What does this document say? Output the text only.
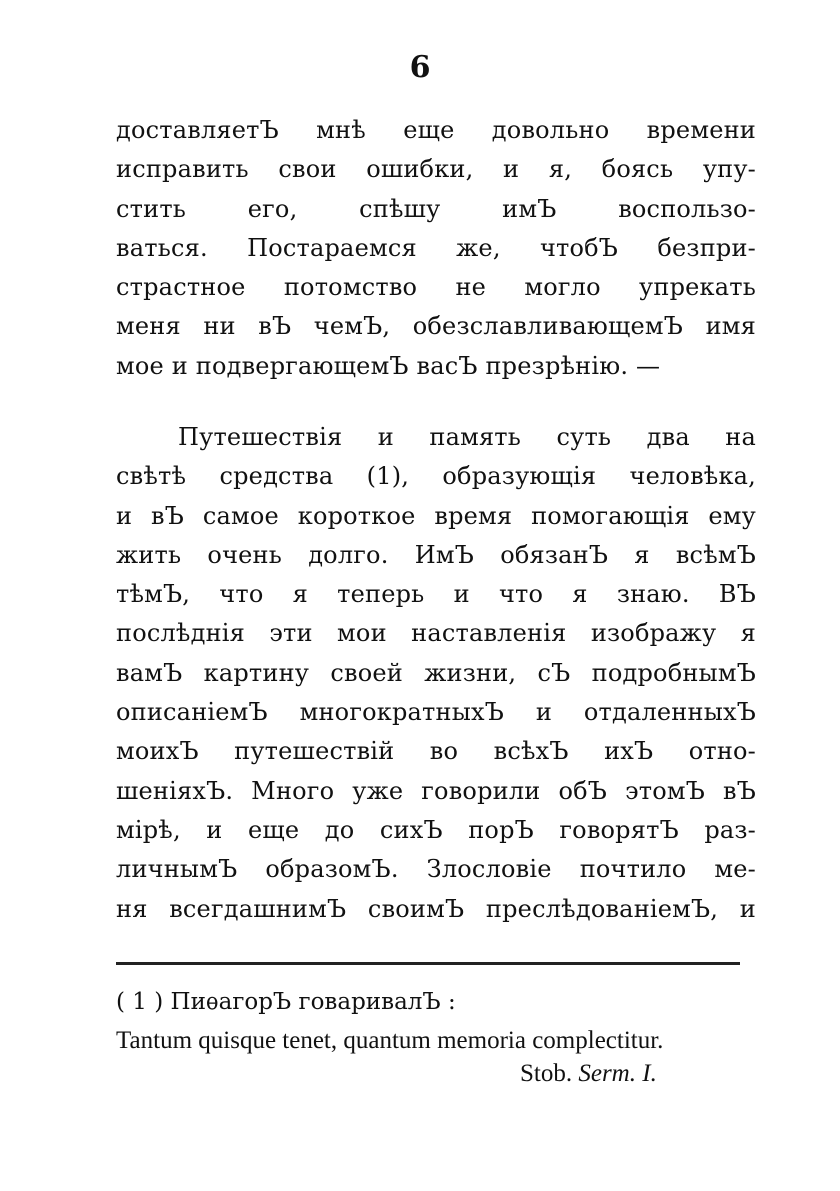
6
доставляетЪ мнѣ еще довольно времени
исправить свои ошибки, и я, боясь упу-
стить его, спѣшу имЪ воспользо-
ваться. Постараемся же, чтобЪ безпри-
страстное потомство не могло упрекать
меня ни вЪ чемЪ, обезславливающемЪ имя
мое и подвергающемЪ васЪ презрѣнію. —
Путешествія и память суть два на
свѣтѣ средства (1), образующія человѣка,
и вЪ самое короткое время помогающія ему
жить очень долго. ИмЪ обязанЪ я всѣмЪ
тѣмЪ, что я теперь и что я знаю. ВЪ
послѣднія эти мои наставленія изображу я
вамЪ картину своей жизни, сЪ подробнымЪ
описаніемЪ многократныхЪ и отдаленныхЪ
моихЪ путешествій во всѣхЪ ихЪ отно-
шеніяхЪ. Много уже говорили обЪ этомЪ вЪ
мірѣ, и еще до сихЪ порЪ говорятЪ раз-
личнымЪ образомЪ. Злословіе почтило ме-
ня всегдашнимЪ своимЪ преслѣдованіемЪ, и
( 1 ) ПиѳагорЪ говаривалЪ :
Tantum quisque tenet, quantum memoria complectitur.
Stob. Serm. I.
